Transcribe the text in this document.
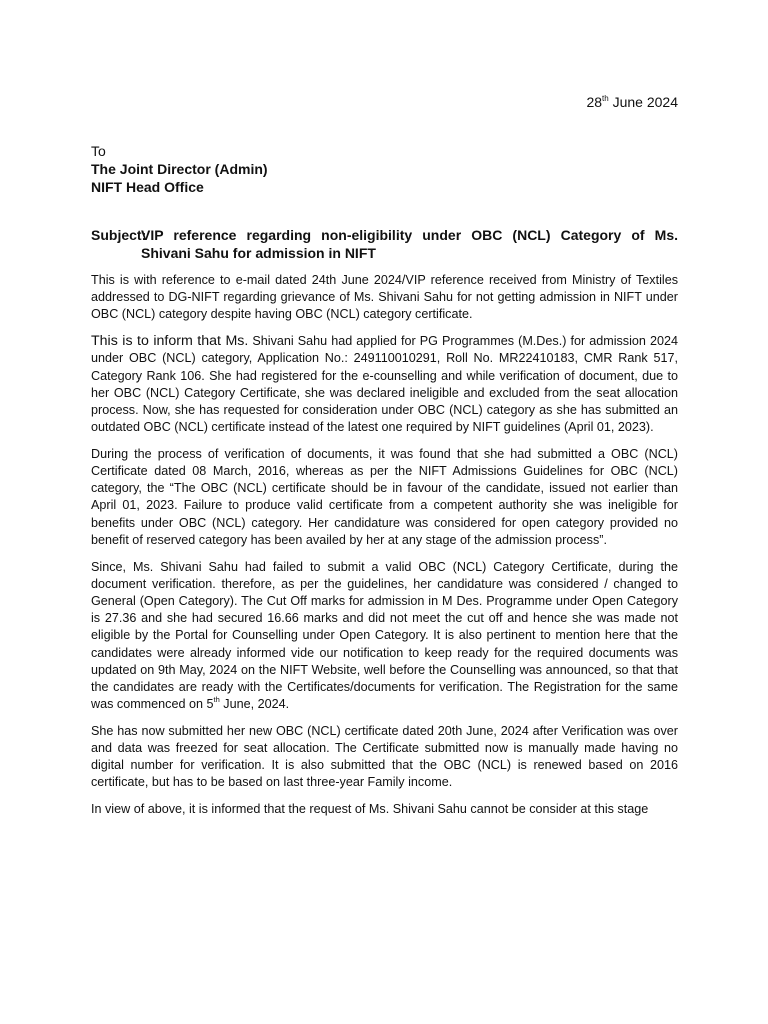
28th June 2024
To
The Joint Director (Admin)
NIFT Head Office
Subject:
VIP reference regarding non-eligibility under OBC (NCL) Category of Ms.
Shivani Sahu for admission in NIFT

This is with reference to e-mail dated 24th June 2024/VIP reference received from Ministry of Textiles addressed to DG-NIFT regarding grievance of Ms. Shivani Sahu for not getting admission in NIFT under OBC (NCL) category despite having OBC (NCL) category certificate.

This is to inform that Ms. Shivani Sahu had applied for PG Programmes (M.Des.) for admission 2024 under OBC (NCL) category, Application No.: 249110010291, Roll No. MR22410183, CMR Rank 517, Category Rank 106. She had registered for the e-counselling and while verification of document, due to her OBC (NCL) Category Certificate, she was declared ineligible and excluded from the seat allocation process. Now, she has requested for consideration under OBC (NCL) category as she has submitted an outdated OBC (NCL) certificate instead of the latest one required by NIFT guidelines (April 01, 2023).

During the process of verification of documents, it was found that she had submitted a OBC (NCL) Certificate dated 08 March, 2016, whereas as per the NIFT Admissions Guidelines for OBC (NCL) category, the “The OBC (NCL) certificate should be in favour of the candidate, issued not earlier than April 01, 2023. Failure to produce valid certificate from a competent authority she was ineligible for benefits under OBC (NCL) category. Her candidature was considered for open category provided no benefit of reserved category has been availed by her at any stage of the admission process”.

Since, Ms. Shivani Sahu had failed to submit a valid OBC (NCL) Category Certificate, during the document verification. therefore, as per the guidelines, her candidature was considered / changed to General (Open Category). The Cut Off marks for admission in M Des. Programme under Open Category is 27.36 and she had secured 16.66 marks and did not meet the cut off and hence she was made not eligible by the Portal for Counselling under Open Category. It is also pertinent to mention here that the candidates were already informed vide our notification to keep ready for the required documents was updated on 9th May, 2024 on the NIFT Website, well before the Counselling was announced, so that that the candidates are ready with the Certificates/documents for verification. The Registration for the same was commenced on 5th June, 2024.

She has now submitted her new OBC (NCL) certificate dated 20th June, 2024 after Verification was over and data was freezed for seat allocation. The Certificate submitted now is manually made having no digital number for verification. It is also submitted that the OBC (NCL) is renewed based on 2016 certificate, but has to be based on last three-year Family income.

In view of above, it is informed that the request of Ms. Shivani Sahu cannot be consider at this stage
